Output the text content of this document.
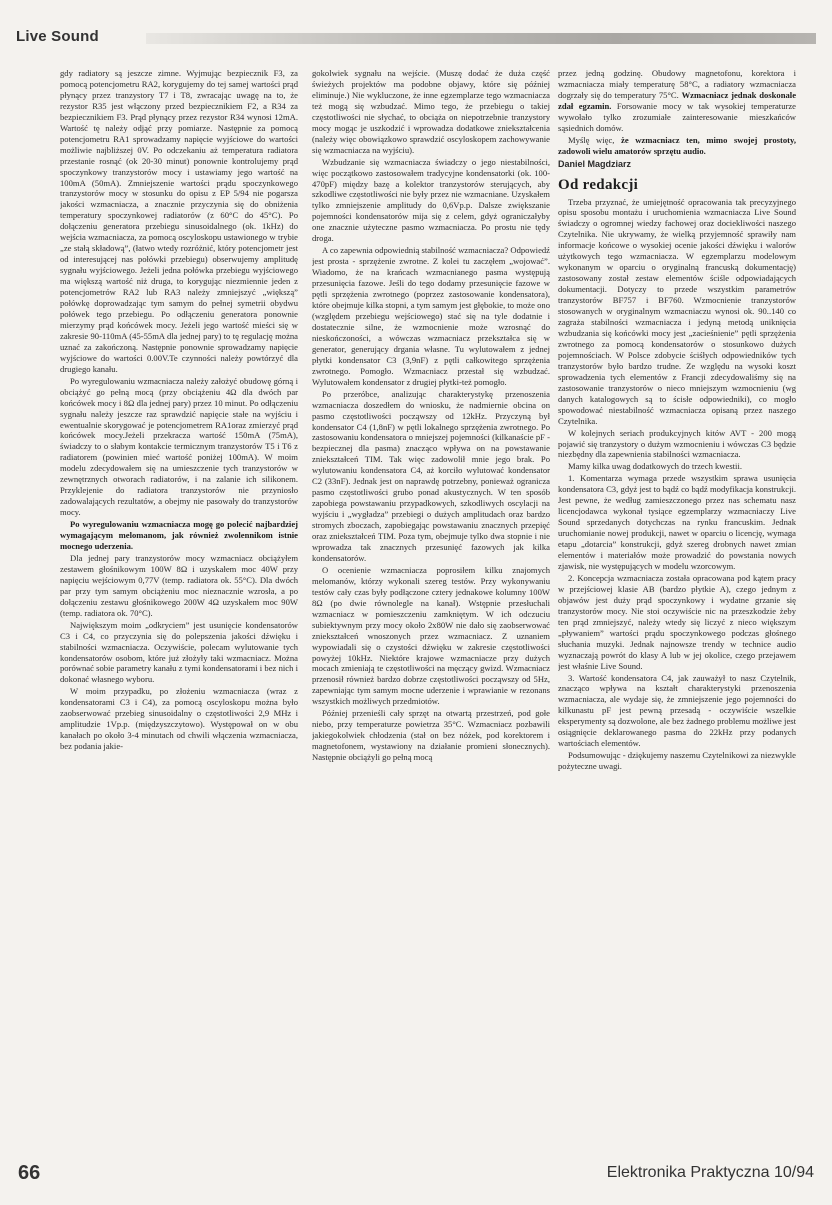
Live Sound

gdy radiatory są jeszcze zimne. Wyjmując bezpiecznik F3, za pomocą potencjometru RA2, korygujemy do tej samej wartości prąd płynący przez tranzystory T7 i T8, zwracając uwagę na to, że rezystor R35 jest włączony przed bezpiecznikiem F2, a R34 za bezpiecznikiem F3. Prąd płynący przez rezystor R34 wynosi 12mA. Wartość tę należy odjąć przy pomiarze. Następnie za pomocą potencjometru RA1 sprowadzamy napięcie wyjściowe do wartości możliwie najbliższej 0V. Po odczekaniu aż temperatura radiatora przestanie rosnąć (ok 20-30 minut) ponownie kontrolujemy prąd spoczynkowy tranzystorów mocy i ustawiamy jego wartość na 100mA (50mA). Zmniejszenie wartości prądu spoczynkowego tranzystorów mocy w stosunku do opisu z EP 5/94 nie pogarsza jakości wzmacniacza, a znacznie przyczynia się do obniżenia temperatury spoczynkowej radiatorów (z 60°C do 45°C). Po dołączeniu generatora przebiegu sinusoidalnego (ok. 1kHz) do wejścia wzmacniacza, za pomocą oscyloskopu ustawionego w trybie „ze stałą składową”, (łatwo wtedy rozróżnić, który potencjometr jest od interesującej nas połówki przebiegu) obserwujemy amplitudę sygnału wyjściowego. Jeżeli jedna połówka przebiegu wyjściowego ma większą wartość niż druga, to korygując niezmiennie jeden z potencjometrów RA2 lub RA3 należy zmniejszyć „większą” połówkę doprowadzając tym samym do pełnej symetrii obydwu połówek tego przebiegu. Po odłączeniu generatora ponownie mierzymy prąd końcówek mocy. Jeżeli jego wartość mieści się w zakresie 90-110mA (45-55mA dla jednej pary) to tę regulację można uznać za zakończoną. Następnie ponownie sprowadzamy napięcie wyjściowe do wartości 0.00V.Te czynności należy powtórzyć dla drugiego kanału.

Po wyregulowaniu wzmacniacza należy założyć obudowę górną i obciążyć go pełną mocą (przy obciążeniu 4Ω dla dwóch par końcówek mocy i 8Ω dla jednej pary) przez 10 minut. Po odłączeniu sygnału należy jeszcze raz sprawdzić napięcie stałe na wyjściu i ewentualnie skorygować je potencjometrem RA1oraz zmierzyć prąd końcówek mocy.Jeżeli przekracza wartość 150mA (75mA), świadczy to o słabym kontakcie termicznym tranzystorów T5 i T6 z radiatorem (powinien mieć wartość poniżej 100mA). W moim modelu zdecydowałem się na umieszczenie tych tranzystorów w zewnętrznych otworach radiatorów, i na zalanie ich silikonem. Przyklejenie do radiatora tranzystorów nie przyniosło zadowalających rezultatów, a obejmy nie pasowały do tranzystorów mocy.

Po wyregulowaniu wzmacniacza mogę go polecić najbardziej wymagającym melomanom, jak również zwolennikom istnie mocnego uderzenia.

Dla jednej pary tranzystorów mocy wzmacniacz obciążyłem zestawem głośnikowym 100W 8Ω i uzyskałem moc 40W przy napięciu wejściowym 0,77V (temp. radiatora ok. 55°C). Dla dwóch par przy tym samym obciążeniu moc nieznacznie wzrosła, a po dołączeniu zestawu głośnikowego 200W 4Ω uzyskałem moc 90W (temp. radiatora ok. 70°C).

Największym moim „odkryciem” jest usunięcie kondensatorów C3 i C4, co przyczynia się do polepszenia jakości dźwięku i stabilności wzmacniacza. Oczywiście, polecam wylutowanie tych kondensatorów osobom, które już złożyły taki wzmacniacz. Można porównać sobie parametry kanału z tymi kondensatorami i bez nich i dokonać własnego wyboru.

W moim przypadku, po złożeniu wzmacniacza (wraz z kondensatorami C3 i C4), za pomocą oscyloskopu można było zaobserwować przebieg sinusoidalny o częstotliwości 2,9 MHz i amplitudzie 1Vp.p. (międzyszczytowo). Występował on w obu kanałach po około 3-4 minutach od chwili włączenia wzmacniacza, bez podania jakie-

gokolwiek sygnału na wejście. (Muszę dodać że duża część świeżych projektów ma podobne objawy, które się później eliminuje.) Nie wykluczone, że inne egzemplarze tego wzmacniacza też mogą się wzbudzać. Mimo tego, że przebiegu o takiej częstotliwości nie słychać, to obciąża on niepotrzebnie tranzystory mocy mogąc je uszkodzić i wprowadza dodatkowe zniekształcenia (należy więc obowiązkowo sprawdzić oscyloskopem zachowywanie się wzmacniacza na wyjściu).

Wzbudzanie się wzmacniacza świadczy o jego niestabilności, więc początkowo zastosowałem tradycyjne kondensatorki (ok. 100-470pF) między bazę a kolektor tranzystorów sterujących, aby szkodliwe częstotliwości nie były przez nie wzmacniane. Uzyskałem tylko zmniejszenie amplitudy do 0,6Vp.p. Dalsze zwiększanie pojemności kondensatorów mija się z celem, gdyż ograniczałyby one znacznie użyteczne pasmo wzmacniacza. Po prostu nie tędy droga.

A co zapewnia odpowiednią stabilność wzmacniacza? Odpowiedź jest prosta - sprzężenie zwrotne. Z kolei tu zaczęłem „wojować”. Wiadomo, że na krańcach wzmacnianego pasma występują przesunięcia fazowe. Jeśli do tego dodamy przesunięcie fazowe w pętli sprzężenia zwrotnego (poprzez zastosowanie kondensatora), które obejmuje kilka stopni, a tym samym jest głębokie, to może ono (względem przebiegu wejściowego) stać się na tyle dodatnie i dostatecznie silne, że wzmocnienie może wzrosnąć do nieskończoności, a wówczas wzmacniacz przekształca się w generator, generujący drgania własne. Tu wylutowałem z jednej płytki kondensator C3 (3,9nF) z pętli całkowitego sprzężenia zwrotnego. Pomogło. Wzmacniacz przestał się wzbudzać. Wylutowałem kondensator z drugiej płytki-też pomogło.

Po przeróbce, analizując charakterystykę przenoszenia wzmacniacza doszedłem do wniosku, że nadmiernie obcina on pasmo częstotliwości począwszy od 12kHz. Przyczyną był kondensator C4 (1,8nF) w pętli lokalnego sprzężenia zwrotnego. Po zastosowaniu kondensatora o mniejszej pojemności (kilkanaście pF - bezpiecznej dla pasma) znacząco wpływa on na powstawanie zniekształceń TIM. Tak więc zadowolił mnie jego brak. Po wylutowaniu kondensatora C4, aż korciło wylutować kondensator C2 (33nF). Jednak jest on naprawdę potrzebny, ponieważ ogranicza pasmo częstotliwości grubo ponad akustycznych. W ten sposób zapobiega powstawaniu przypadkowych, szkodliwych oscylacji na wyjściu i „wygładza” przebiegi o dużych amplitudach oraz bardzo stromych zboczach, zapobiegając powstawaniu znacznych przepięć oraz zniekształceń TIM. Poza tym, obejmuje tylko dwa stopnie i nie wprowadza tak znacznych przesunięć fazowych jak kilka kondensatorów.

O ocenienie wzmacniacza poprosiłem kilku znajomych melomanów, którzy wykonali szereg testów. Przy wykonywaniu testów cały czas były podłączone cztery jednakowe kolumny 100W 8Ω (po dwie równolegle na kanał). Wstępnie przesłuchali wzmacniacz w pomieszczeniu zamkniętym. W ich odczuciu subiektywnym przy mocy około 2x80W nie dało się zaobserwować zniekształceń wnoszonych przez wzmacniacz. Z uznaniem wypowiadali się o czystości dźwięku w zakresie częstotliwości powyżej 10kHz. Niektóre krajowe wzmacniacze przy dużych mocach zmieniają te częstotliwości na męczący gwizd. Wzmacniacz przenosił również bardzo dobrze częstotliwości począwszy od 5Hz, zapewniając tym samym mocne uderzenie i wprawianie w rezonans wszystkich możliwych przedmiotów.

Później przenieśli cały sprzęt na otwartą przestrzeń, pod gołe niebo, przy temperaturze powietrza 35°C. Wzmacniacz pozbawili jakiegokolwiek chłodzenia (stał on bez nóżek, pod korektorem i magnetofonem, wystawiony na działanie promieni słonecznych). Następnie obciążyli go pełną mocą

przez jedną godzinę. Obudowy magnetofonu, korektora i wzmacniacza miały temperaturę 58°C, a radiatory wzmacniacza dogrzały się do temperatury 75°C. Wzmacniacz jednak doskonale zdał egzamin. Forsowanie mocy w tak wysokiej temperaturze wywołało tylko zrozumiałe zainteresowanie mieszkańców sąsiednich domów.

Myślę więc, że wzmacniacz ten, mimo swojej prostoty, zadowoli wielu amatorów sprzętu audio.

Daniel Magdziarz
Od redakcji

Trzeba przyznać, że umiejętność opracowania tak precyzyjnego opisu sposobu montażu i uruchomienia wzmacniacza Live Sound świadczy o ogromnej wiedzy fachowej oraz dociekliwości naszego Czytelnika. Nie ukrywamy, że wielką przyjemność sprawiły nam informacje końcowe o wysokiej ocenie jakości dźwięku i walorów użytkowych tego wzmacniacza. W egzemplarzu modelowym wykonanym w oparciu o oryginalną francuską dokumentację) zastosowany został zestaw elementów ściśle odpowiadających dokumentacji. Dotyczy to przede wszystkim parametrów tranzystorów BF757 i BF760. Wzmocnienie tranzystorów stosowanych w oryginalnym wzmacniaczu wynosi ok. 90..140 co zagraża stabilności wzmacniacza i jedyną metodą uniknięcia wzbudzania się końcówki mocy jest „zacieśnienie” pętli sprzężenia zwrotnego za pomocą kondensatorów o stosunkowo dużych pojemnościach. W Polsce zdobycie ściśłych odpowiedników tych tranzystorów było bardzo trudne. Ze względu na wysoki koszt sprowadzenia tych elementów z Francji zdecydowaliśmy się na zastosowanie tranzystorów o nieco mniejszym wzmocnieniu (wg danych katalogowych są to ścisłe odpowiedniki), co mogło spowodować niestabilność wzmacniacza opisaną przez naszego Czytelnika.

W kolejnych seriach produkcyjnych kitów AVT - 200 mogą pojawić się tranzystory o dużym wzmocnieniu i wówczas C3 będzie niezbędny dla zapewnienia stabilności wzmacniacza.

Mamy kilka uwag dodatkowych do trzech kwestii.

1. Komentarza wymaga przede wszystkim sprawa usunięcia kondensatora C3, gdyż jest to bądź co bądź modyfikacja konstrukcji. Jest pewne, że według zamieszczonego przez nas schematu nasz licencjodawca wykonał tysiące egzemplarzy wzmacniaczy Live Sound sprzedanych dotychczas na rynku francuskim. Jednak uruchomianie nowej produkcji, nawet w oparciu o licencję, wymaga etapu „dotarcia” konstrukcji, gdyż szereg drobnych nawet zmian elementów i materiałów może prowadzić do powstania nowych zjawisk, nie występujących w modelu wzorcowym.

2. Koncepcja wzmacniacza została opracowana pod kątem pracy w przejściowej klasie AB (bardzo płytkie A), czego jednym z objawów jest duży prąd spoczynkowy i wydatne grzanie się tranzystorów mocy. Nie stoi oczywiście nic na przeszkodzie żeby ten prąd zmniejszyć, należy wtedy się liczyć z nieco większym „pływaniem” wartości prądu spoczynkowego podczas głośnego słuchania muzyki. Jednak najnowsze trendy w technice audio wyznaczają powrót do klasy A lub w jej okolice, czego przejawem jest właśnie Live Sound.

3. Wartość kondensatora C4, jak zauważył to nasz Czytelnik, znacząco wpływa na kształt charakterystyki przenoszenia wzmacniacza, ale wydaje się, że zmniejszenie jego pojemności do kilkunastu pF jest pewną przesadą - oczywiście wszelkie eksperymenty są dozwolone, ale bez żadnego problemu możliwe jest osiągnięcie deklarowanego pasma do 22kHz przy podanych wartościach elementów.

Podsumowując - dziękujemy naszemu Czytelnikowi za niezwykle pożyteczne uwagi.

66	Elektronika Praktyczna 10/94
